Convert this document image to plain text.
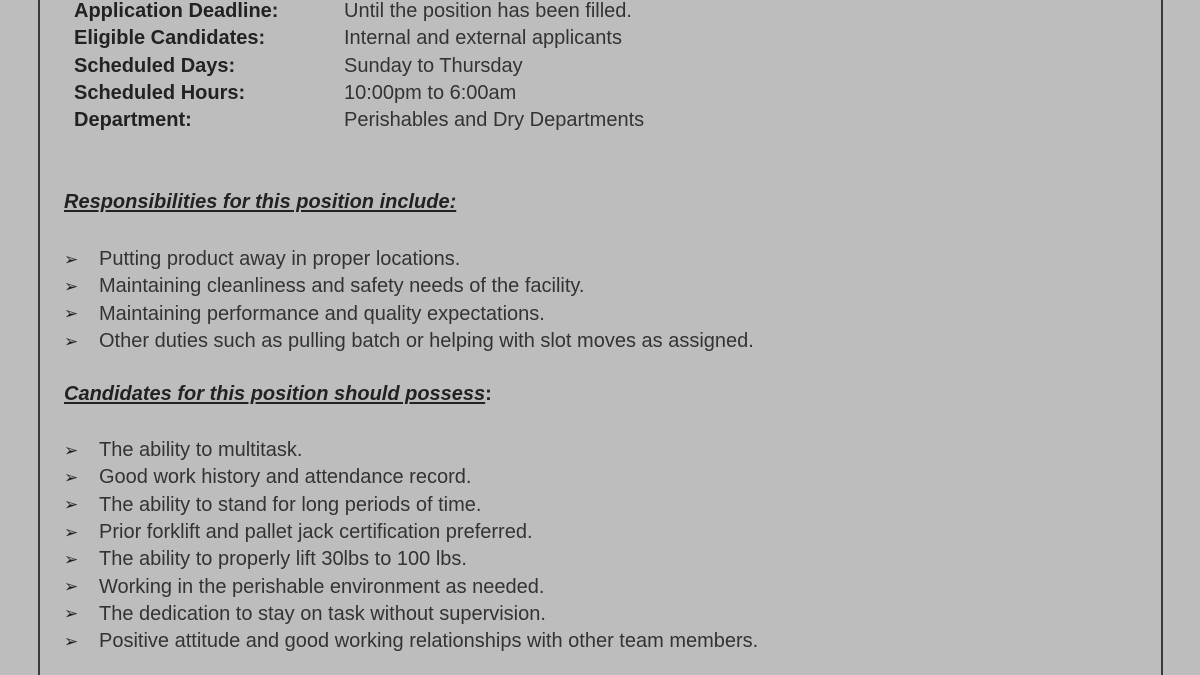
Application Deadline:	Until the position has been filled.
Eligible Candidates:	Internal and external applicants
Scheduled Days:	Sunday to Thursday
Scheduled Hours:	10:00pm to 6:00am
Department:	Perishables and Dry Departments
Responsibilities for this position include:
➢	Putting product away in proper locations.
➢	Maintaining cleanliness and safety needs of the facility.
➢	Maintaining performance and quality expectations.
➢	Other duties such as pulling batch or helping with slot moves as assigned.
Candidates for this position should possess:
➢	The ability to multitask.
➢	Good work history and attendance record.
➢	The ability to stand for long periods of time.
➢	Prior forklift and pallet jack certification preferred.
➢	The ability to properly lift 30lbs to 100 lbs.
➢	Working in the perishable environment as needed.
➢	The dedication to stay on task without supervision.
➢	Positive attitude and good working relationships with other team members.
